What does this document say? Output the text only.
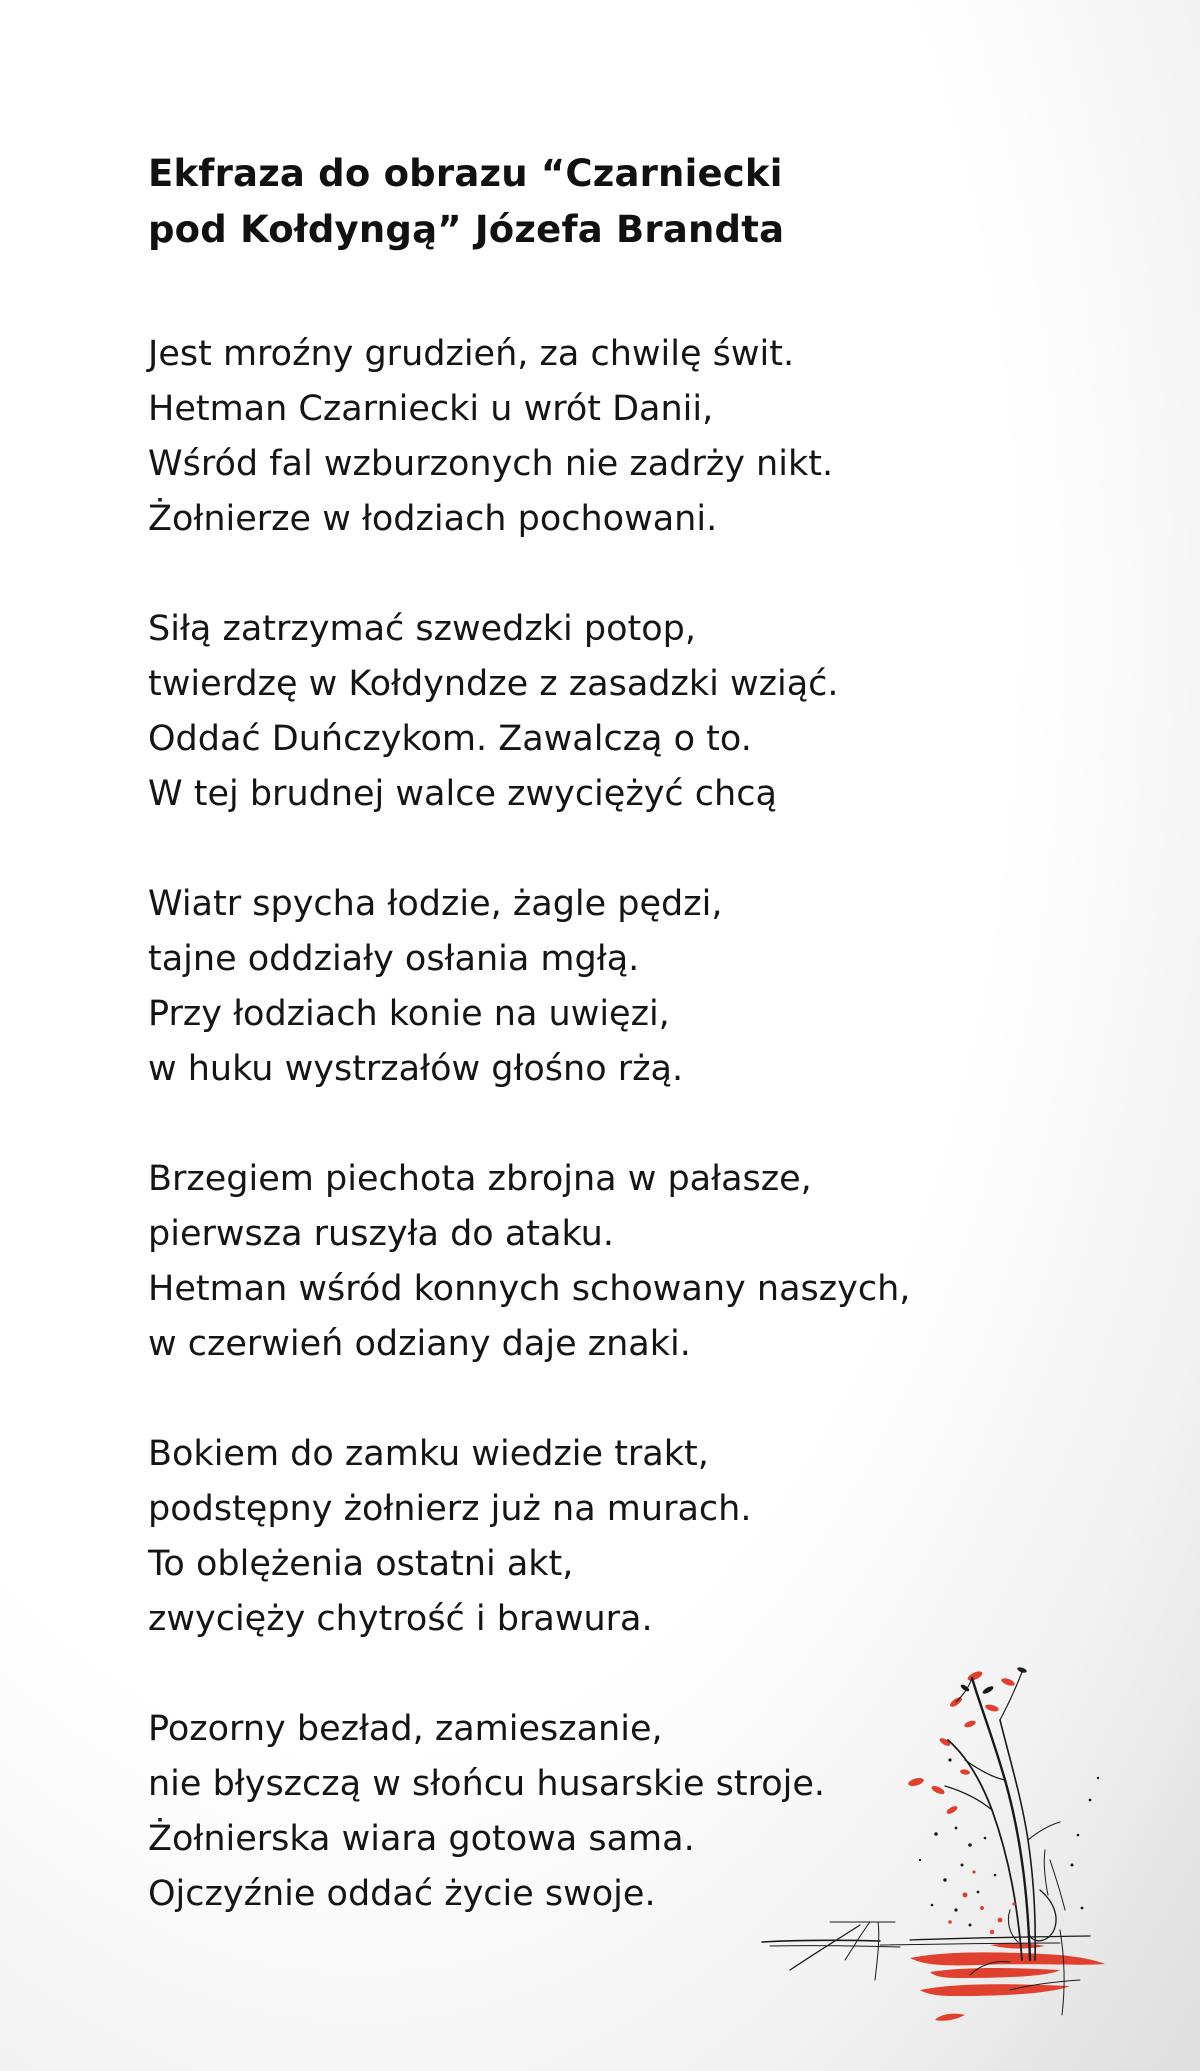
Ekfraza do obrazu “Czarniecki
pod Kołdyngą” Józefa Brandta
Jest mroźny grudzień, za chwilę świt.
Hetman Czarniecki u wrót Danii,
Wśród fal wzburzonych nie zadrży nikt.
Żołnierze w łodziach pochowani.
Siłą zatrzymać szwedzki potop,
twierdzę w Kołdyndze z zasadzki wziąć.
Oddać Duńczykom. Zawalczą o to.
W tej brudnej walce zwyciężyć chcą
Wiatr spycha łodzie, żagle pędzi,
tajne oddziały osłania mgłą.
Przy łodziach konie na uwięzi,
w huku wystrzałów głośno rżą.
Brzegiem piechota zbrojna w pałasze,
pierwsza ruszyła do ataku.
Hetman wśród konnych schowany naszych,
w czerwień odziany daje znaki.
Bokiem do zamku wiedzie trakt,
podstępny żołnierz już na murach.
To oblężenia ostatni akt,
zwycięży chytrość i brawura.
Pozorny bezład, zamieszanie,
nie błyszczą w słońcu husarskie stroje.
Żołnierska wiara gotowa sama.
Ojczyźnie oddać życie swoje.
